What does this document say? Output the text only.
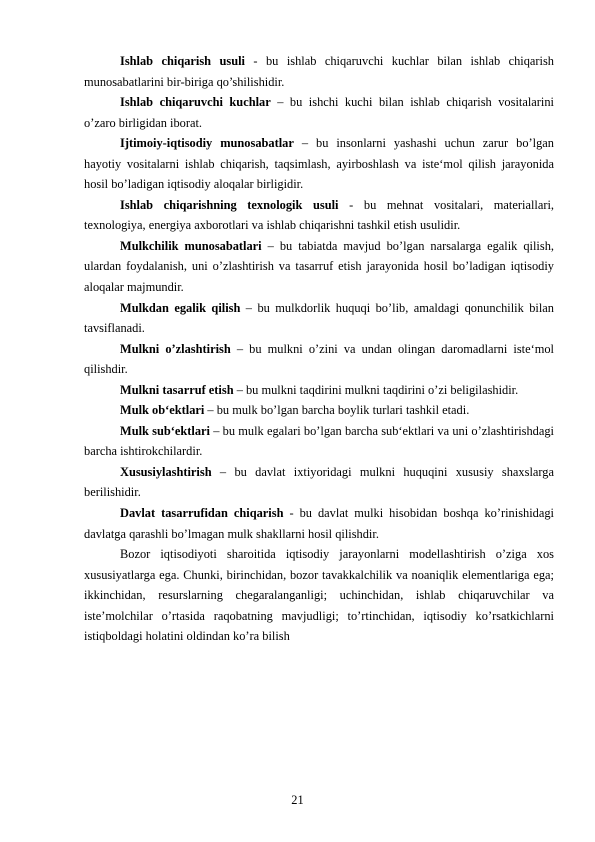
Ishlab chiqarish usuli - bu ishlab chiqaruvchi kuchlar bilan ishlab chiqarish munosabatlarini bir-biriga qo’shilishidir.

Ishlab chiqaruvchi kuchlar – bu ishchi kuchi bilan ishlab chiqarish vositalarini o’zaro birligidan iborat.

Ijtimoiy-iqtisodiy munosabatlar – bu insonlarni yashashi uchun zarur bo’lgan hayotiy vositalarni ishlab chiqarish, taqsimlash, ayirboshlash va iste‘mol qilish jarayonida hosil bo’ladigan iqtisodiy aloqalar birligidir.

Ishlab chiqarishning texnologik usuli - bu mehnat vositalari, materiallari, texnologiya, energiya axborotlari va ishlab chiqarishni tashkil etish usulidir.

Mulkchilik munosabatlari – bu tabiatda mavjud bo’lgan narsalarga egalik qilish, ulardan foydalanish, uni o’zlashtirish va tasarruf etish jarayonida hosil bo’ladigan iqtisodiy aloqalar majmundir.

Mulkdan egalik qilish – bu mulkdorlik huquqi bo’lib, amaldagi qonunchilik bilan tavsiflanadi.

Mulkni o’zlashtirish – bu mulkni o’zini va undan olingan daromadlarni iste‘mol qilishdir.

Mulkni tasarruf etish – bu mulkni taqdirini mulkni taqdirini o’zi beligilashidir.

Mulk ob‘ektlari – bu mulk bo’lgan barcha boylik turlari tashkil etadi.

Mulk sub‘ektlari – bu mulk egalari bo’lgan barcha sub‘ektlari va uni o’zlashtirishdagi barcha ishtirokchilardir.

Xususiylashtirish – bu davlat ixtiyoridagi mulkni huquqini xususiy shaxslarga berilishidir.

Davlat tasarrufidan chiqarish - bu davlat mulki hisobidan boshqa ko’rinishidagi davlatga qarashli bo’lmagan mulk shakllarni hosil qilishdir.

Bozor iqtisodiyoti sharoitida iqtisodiy jarayonlarni modellashtirish o’ziga xos xususiyatlarga ega. Chunki, birinchidan, bozor tavakkalchilik va noaniqlik elementlariga ega; ikkinchidan, resurslarning chegaralanganligi; uchinchidan, ishlab chiqaruvchilar va iste’molchilar o’rtasida raqobatning mavjudligi; to’rtinchidan, iqtisodiy ko’rsatkichlarni istiqboldagi holatini oldindan ko’ra bilish

21
